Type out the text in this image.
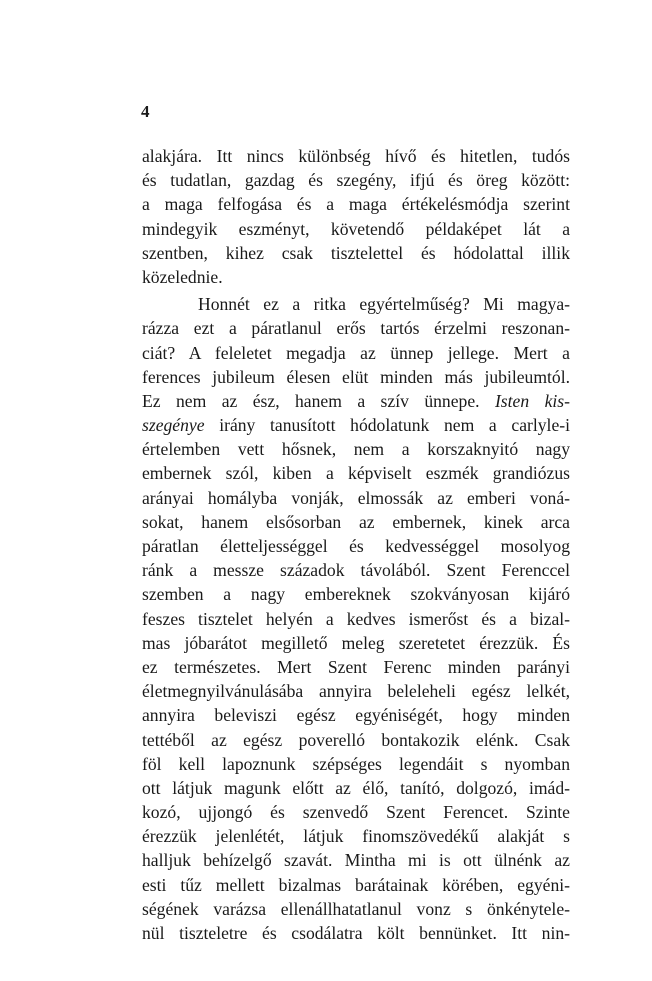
4
alakjára. Itt nincs különbség hívő és hitetlen, tudós
és tudatlan, gazdag és szegény, ifjú és öreg között:
a maga felfogása és a maga értékelésmódja szerint
mindegyik eszményt, követendő példaképet lát a
szentben, kihez csak tisztelettel és hódolattal illik
közelednie.
Honnét ez a ritka egyértelműség? Mi magya-
rázza ezt a páratlanul erős tartós érzelmi reszonan-
ciát? A feleletet megadja az ünnep jellege. Mert a
ferences jubileum élesen elüt minden más jubileumtól.
Ez nem az ész, hanem a szív ünnepe. Isten kis-
szegénye irány tanusított hódolatunk nem a carlyle-i
értelemben vett hősnek, nem a korszaknyitó nagy
embernek szól, kiben a képviselt eszmék grandiózus
arányai homályba vonják, elmossák az emberi voná-
sokat, hanem elsősorban az embernek, kinek arca
páratlan életteljességgel és kedvességgel mosolyog
ránk a messze századok távolából. Szent Ferenccel
szemben a nagy embereknek szokványosan kijáró
feszes tisztelet helyén a kedves ismerőst és a bizal-
mas jóbarátot megillető meleg szeretetet érezzük. És
ez természetes. Mert Szent Ferenc minden parányi
életmegnyilvánulásába annyira beleleheli egész lelkét,
annyira beleviszi egész egyéniségét, hogy minden
tettéből az egész poverelló bontakozik elénk. Csak
föl kell lapoznunk szépséges legendáit s nyomban
ott látjuk magunk előtt az élő, tanító, dolgozó, imád-
kozó, ujjongó és szenvedő Szent Ferencet. Szinte
érezzük jelenlétét, látjuk finomszövedékű alakját s
halljuk behízelgő szavát. Mintha mi is ott ülnénk az
esti tűz mellett bizalmas barátainak körében, egyéni-
ségének varázsa ellenállhatatlanul vonz s önkénytele-
nül tiszteletre és csodálatra költ bennünket. Itt nin-
